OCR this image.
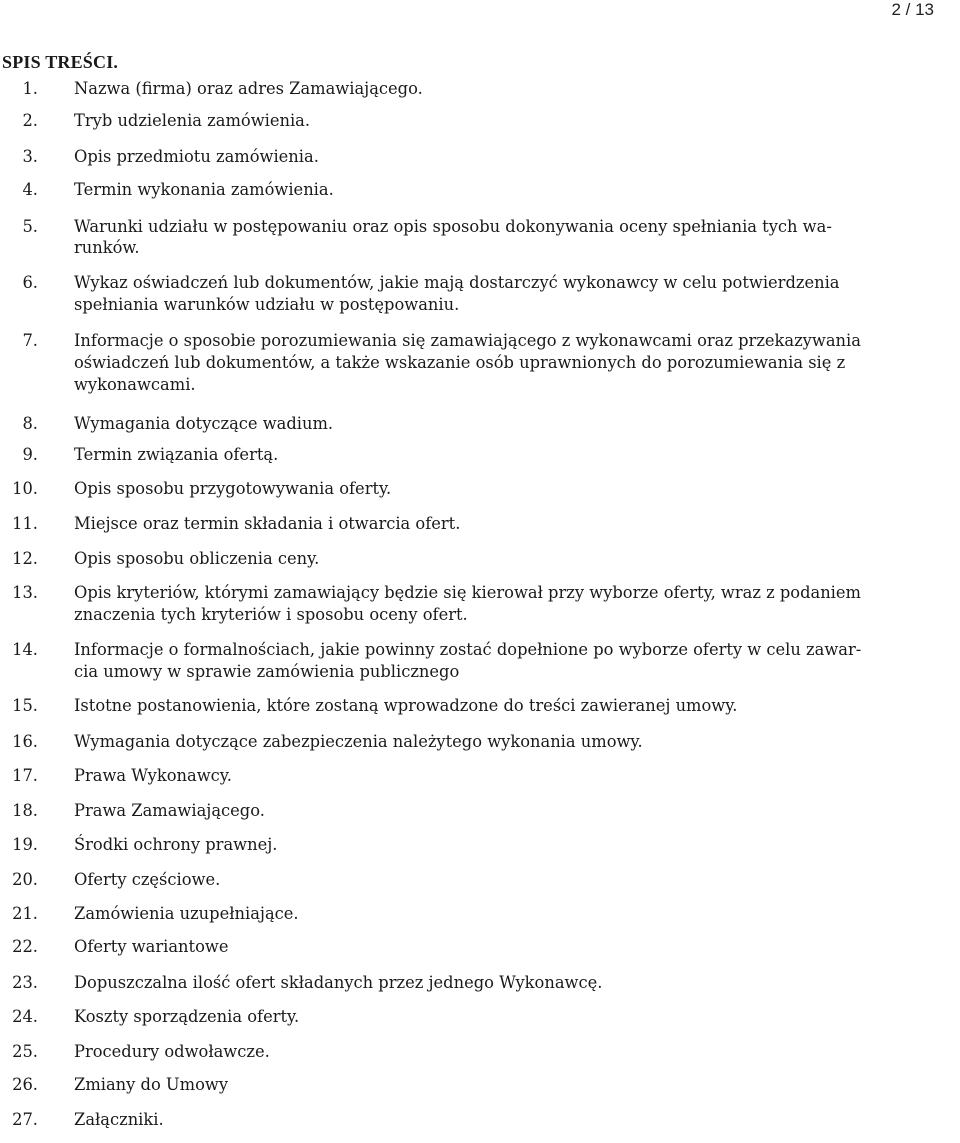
2 / 13
SPIS TREŚCI.
1. Nazwa (firma) oraz adres Zamawiającego.
2. Tryb udzielenia zamówienia.
3. Opis przedmiotu zamówienia.
4. Termin wykonania zamówienia.
5. Warunki udziału w postępowaniu oraz opis sposobu dokonywania oceny spełniania tych wa-
runków.
6. Wykaz oświadczeń lub dokumentów, jakie mają dostarczyć wykonawcy w celu potwierdzenia
spełniania warunków udziału w postępowaniu.
7. Informacje o sposobie porozumiewania się zamawiającego z wykonawcami oraz przekazywania
oświadczeń lub dokumentów, a także wskazanie osób uprawnionych do porozumiewania się z
wykonawcami.
8. Wymagania dotyczące wadium.
9. Termin związania ofertą.
10. Opis sposobu przygotowywania oferty.
11. Miejsce oraz termin składania i otwarcia ofert.
12. Opis sposobu obliczenia ceny.
13. Opis kryteriów, którymi zamawiający będzie się kierował przy wyborze oferty, wraz z podaniem
znaczenia tych kryteriów i sposobu oceny ofert.
14. Informacje o formalnościach, jakie powinny zostać dopełnione po wyborze oferty w celu zawar-
cia umowy w sprawie zamówienia publicznego
15. Istotne postanowienia, które zostaną wprowadzone do treści zawieranej umowy.
16. Wymagania dotyczące zabezpieczenia należytego wykonania umowy.
17. Prawa Wykonawcy.
18. Prawa Zamawiającego.
19. Środki ochrony prawnej.
20. Oferty częściowe.
21. Zamówienia uzupełniające.
22. Oferty wariantowe
23. Dopuszczalna ilość ofert składanych przez jednego Wykonawcę.
24. Koszty sporządzenia oferty.
25. Procedury odwoławcze.
26. Zmiany do Umowy
27. Załączniki.
